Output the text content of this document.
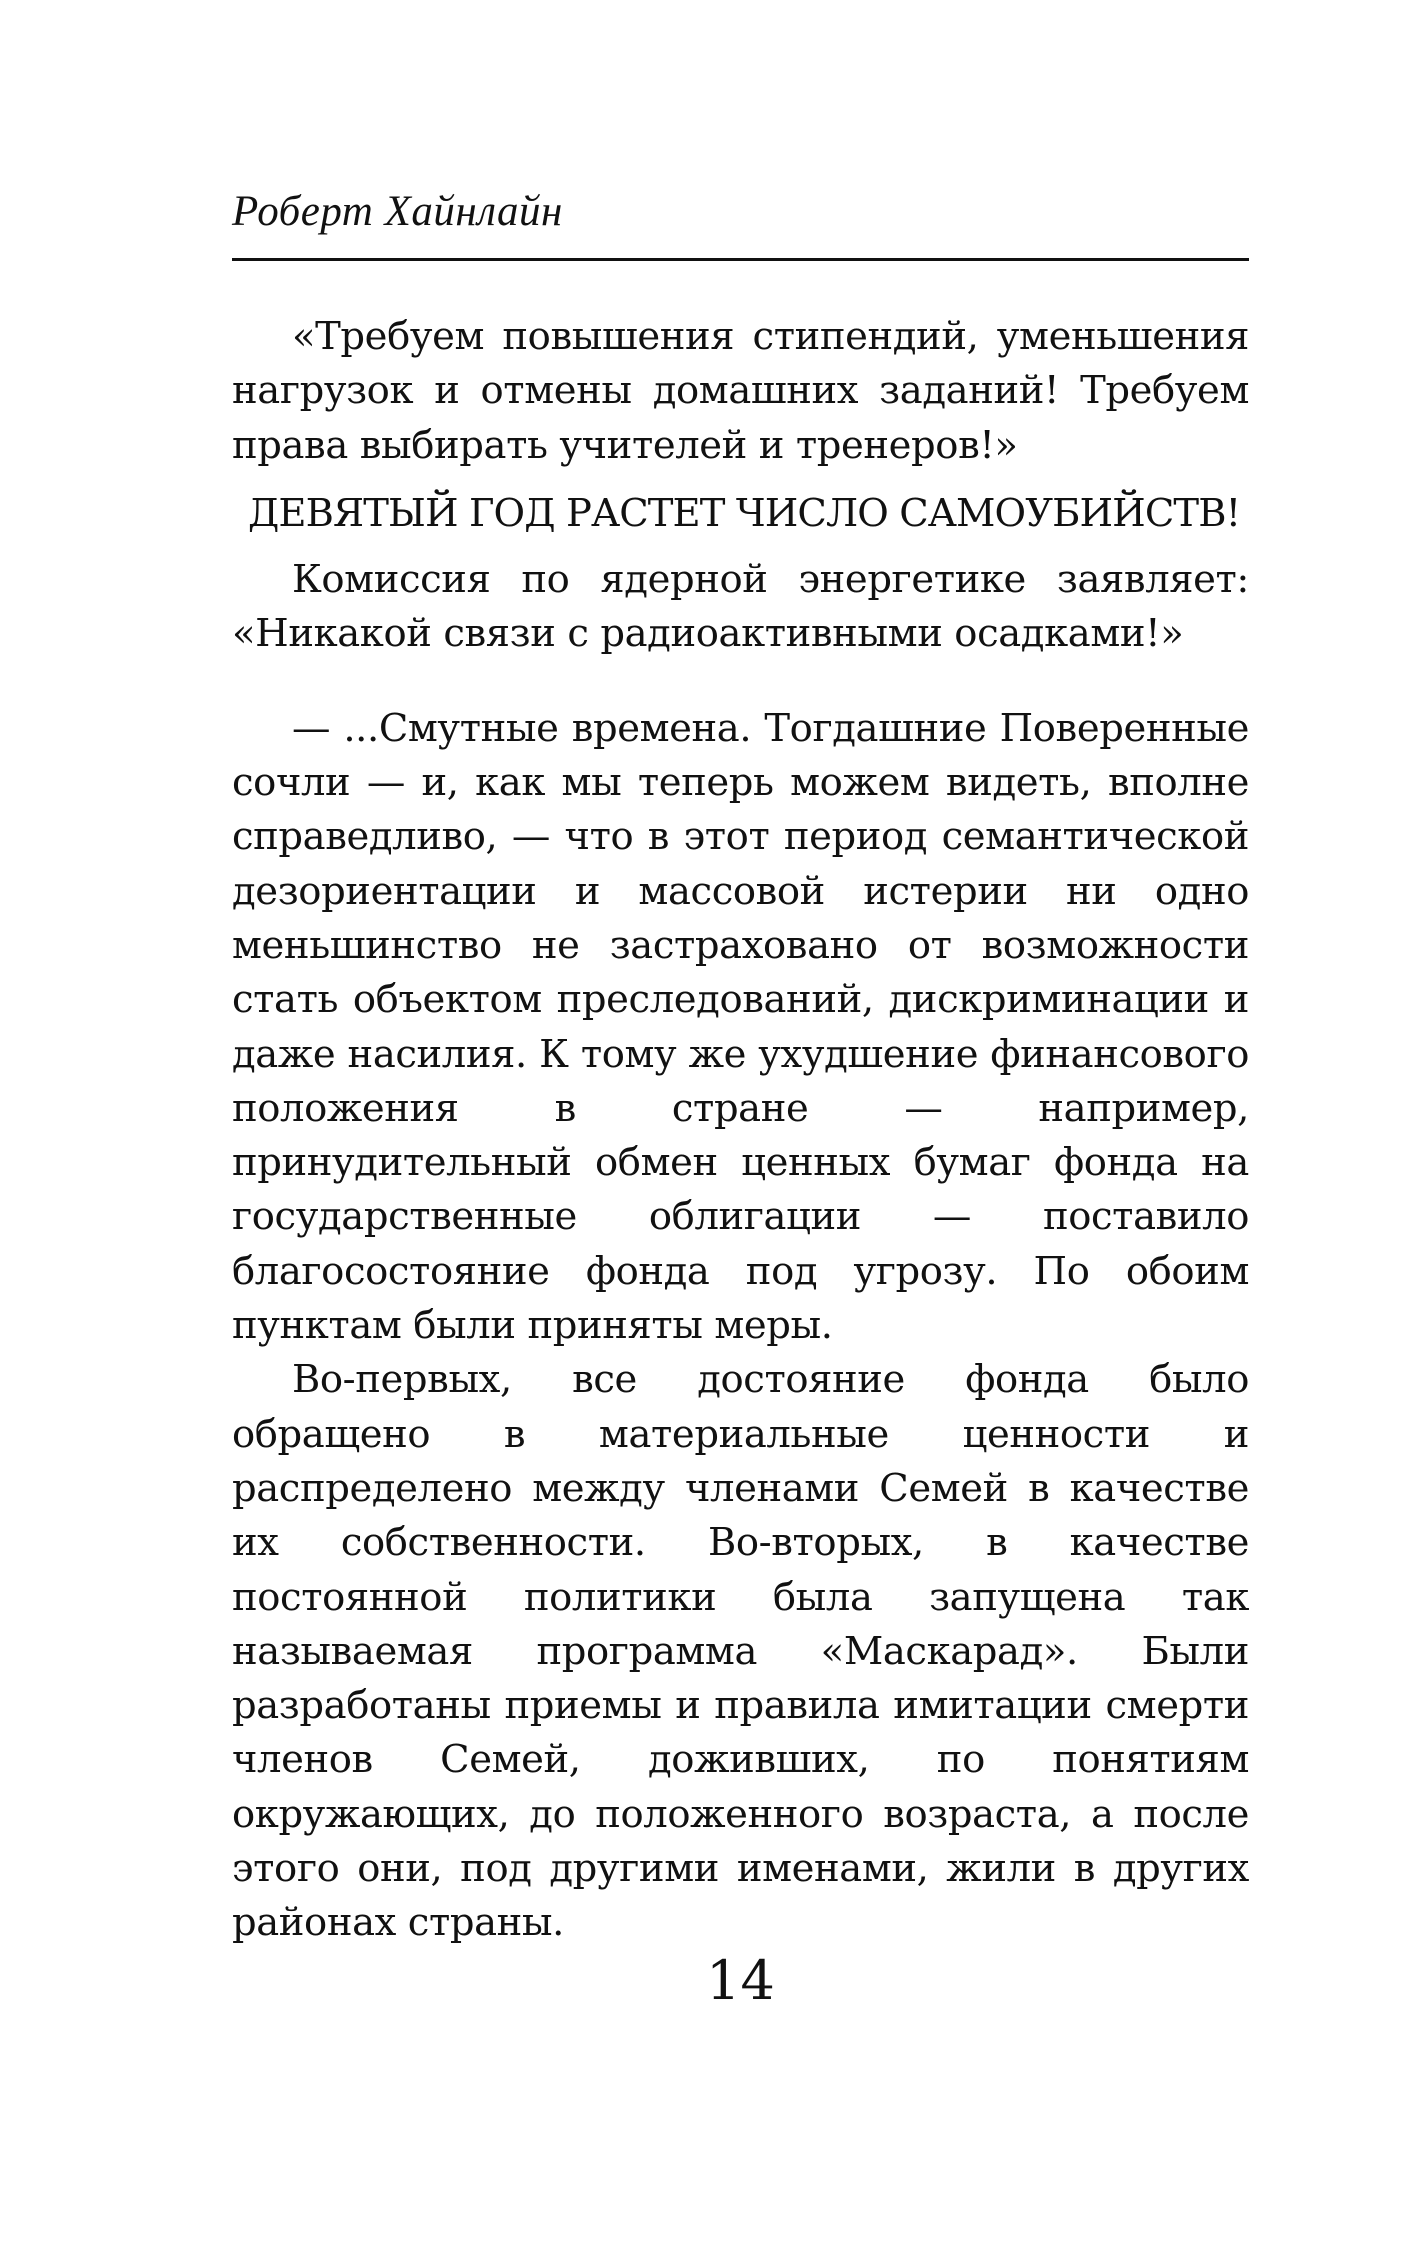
Роберт Хайнлайн

«Требуем повышения стипендий, уменьшения нагрузок и отмены домашних заданий! Требуем права выбирать учителей и тренеров!»

ДЕВЯТЫЙ ГОД РАСТЕТ ЧИСЛО САМОУБИЙСТВ!

Комиссия по ядерной энергетике заявляет: «Никакой связи с радиоактивными осадками!»

— ...Смутные времена. Тогдашние Поверенные сочли — и, как мы теперь можем видеть, вполне справедливо, — что в этот период семантической дезориентации и массовой истерии ни одно меньшинство не застраховано от возможности стать объектом преследований, дискриминации и даже насилия. К тому же ухудшение финансового положения в стране — например, принудительный обмен ценных бумаг фонда на государственные облигации — поставило благосостояние фонда под угрозу. По обоим пунктам были приняты меры.

Во-первых, все достояние фонда было обращено в материальные ценности и распределено между членами Семей в качестве их собственности. Во-вторых, в качестве постоянной политики была запущена так называемая программа «Маскарад». Были разработаны приемы и правила имитации смерти членов Семей, доживших, по понятиям окружающих, до положенного возраста, а после этого они, под другими именами, жили в других районах страны.

14
